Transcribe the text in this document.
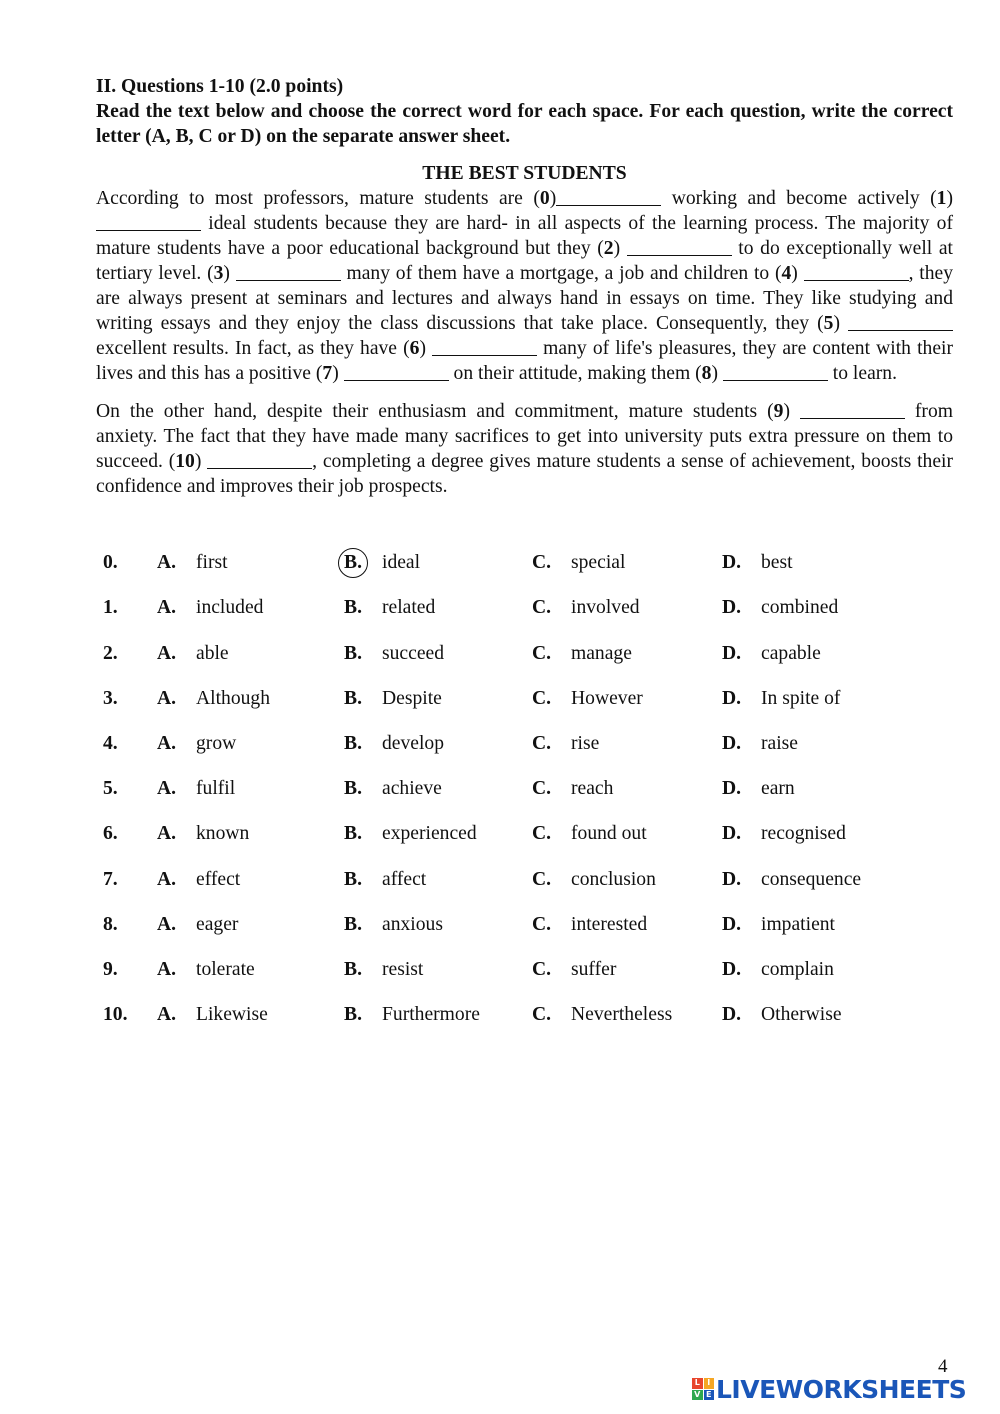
II. Questions 1-10 (2.0 points)
Read the text below and choose the correct word for each space. For each question, write the correct letter (A, B, C or D) on the separate answer sheet.
THE BEST STUDENTS

According to most professors, mature students are (0)	working and become actively (1)  ideal students because they are hard- in all aspects of the learning process. The majority of mature students have a poor educational background but they (2)	to do exceptionally well at tertiary level. (3)	many of them have a mortgage, a job and children to (4)	, they are always present at seminars and lectures and always hand in essays on time. They like studying and writing essays and they enjoy the class discussions that take place. Consequently, they (5)  excellent results. In fact, as they have (6)	many of life's pleasures, they are content with their lives and this has a positive (7)	on their attitude, making them (8)	to learn.

On the other hand, despite their enthusiasm and commitment, mature students (9)	from anxiety. The fact that they have made many sacrifices to get into university puts extra pressure on them to succeed. (10)	, completing a degree gives mature students a sense of achievement, boosts their confidence and improves their job prospects.

0. A. first	B.	ideal	C. special	D. best
1. A. included	B. related	C. involved	D. combined
2. A. able	B. succeed	C. manage	D. capable
3. A. Although	B. Despite	C. However	D. In spite of
4. A. grow	B. develop	C. rise	D. raise
5. A. fulfil	B. achieve	C. reach	D. earn
6. A. known	B. experienced	C. found out	D. recognised
7. A. effect	B. affect	C. conclusion	D. consequence
8. A. eager	B. anxious	C. interested	D. impatient
9. A. tolerate	B. resist	C. suffer	D. complain
10. A. Likewise	B. Furthermore	C. Nevertheless	D. Otherwise
4
L I
V E LIVEWORKSHEETS
